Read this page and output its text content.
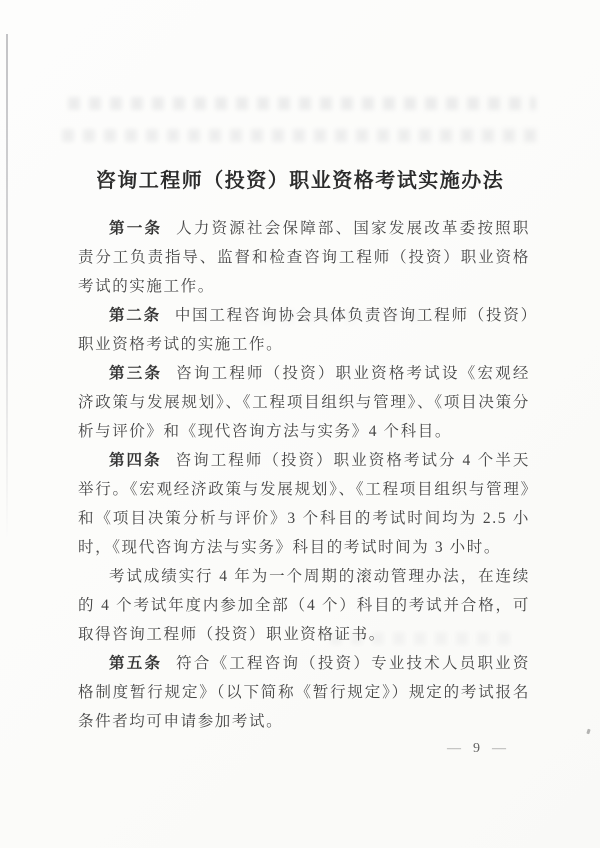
咨询工程师（投资）职业资格考试实施办法

第一条 人力资源社会保障部、国家发展改革委按照职责分工负责指导、监督和检查咨询工程师（投资）职业资格考试的实施工作。

第二条 中国工程咨询协会具体负责咨询工程师（投资）职业资格考试的实施工作。

第三条 咨询工程师（投资）职业资格考试设《宏观经济政策与发展规划》、《工程项目组织与管理》、《项目决策分析与评价》和《现代咨询方法与实务》4 个科目。

第四条 咨询工程师（投资）职业资格考试分 4 个半天举行。《宏观经济政策与发展规划》、《工程项目组织与管理》和《项目决策分析与评价》3 个科目的考试时间均为 2.5 小时，《现代咨询方法与实务》科目的考试时间为 3 小时。

考试成绩实行 4 年为一个周期的滚动管理办法，在连续的 4 个考试年度内参加全部（4 个）科目的考试并合格，可取得咨询工程师（投资）职业资格证书。

第五条 符合《工程咨询（投资）专业技术人员职业资格制度暂行规定》（以下简称《暂行规定》）规定的考试报名条件者均可申请参加考试。

— 9 —
